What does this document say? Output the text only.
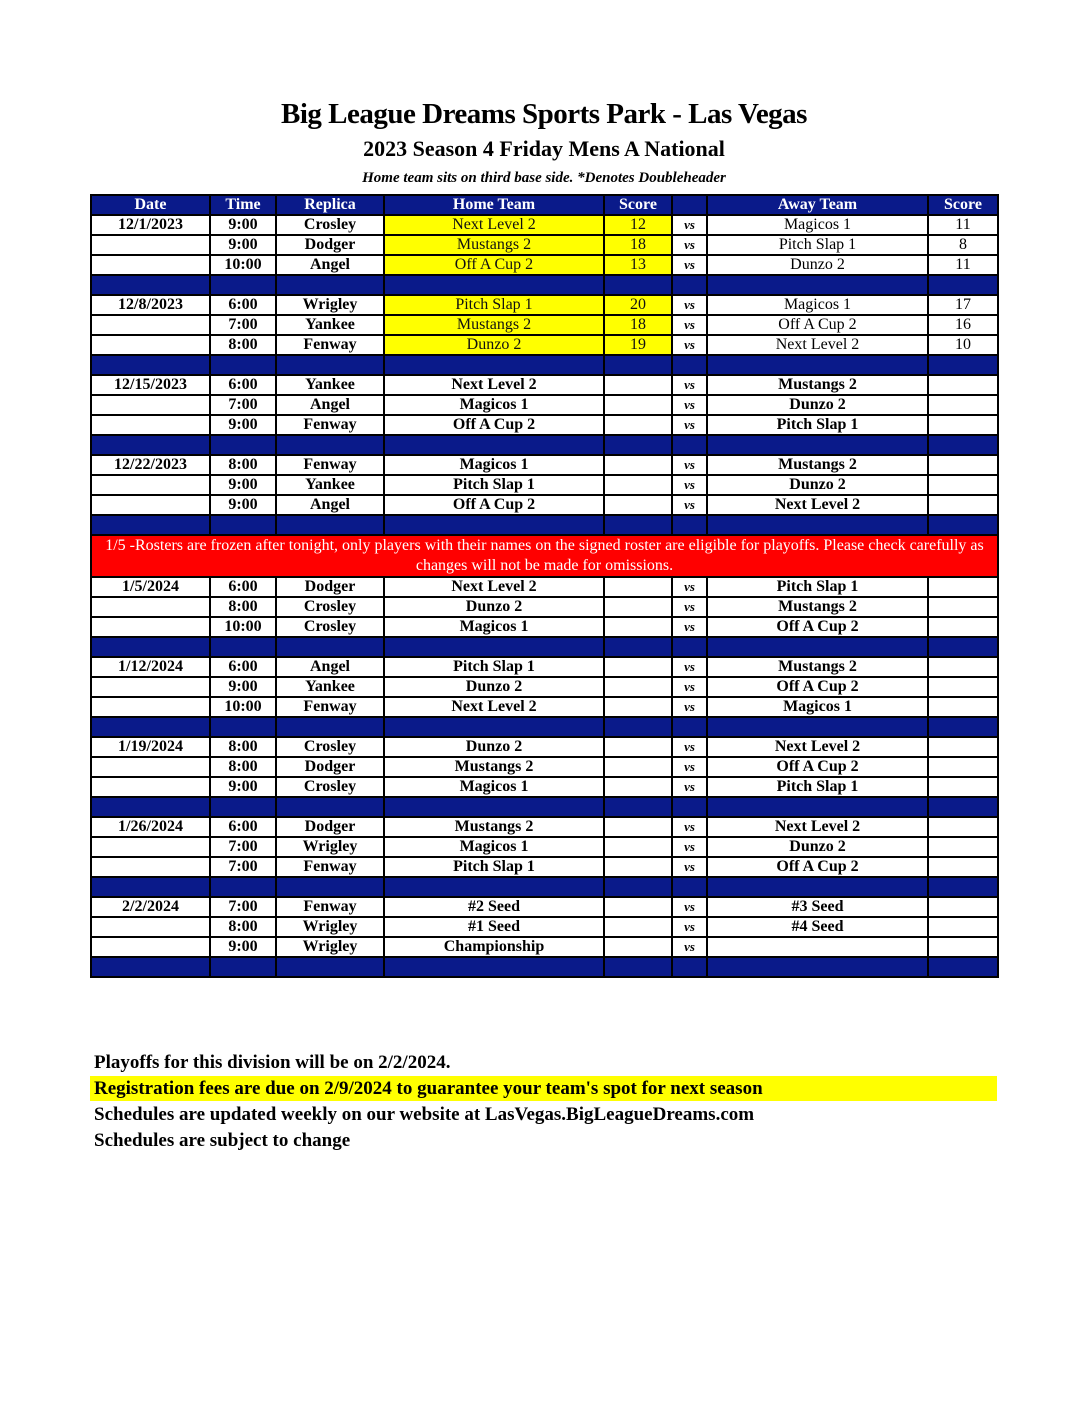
Big League Dreams Sports Park - Las Vegas
2023 Season 4 Friday Mens A National
Home team sits on third base side. *Denotes Doubleheader
Date	Time	Replica	Home Team	Score		Away Team	Score
12/1/2023	9:00	Crosley	Next Level 2	12	vs	Magicos 1	11
	9:00	Dodger	Mustangs 2	18	vs	Pitch Slap 1	8
	10:00	Angel	Off A Cup 2	13	vs	Dunzo 2	11

12/8/2023	6:00	Wrigley	Pitch Slap 1	20	vs	Magicos 1	17
	7:00	Yankee	Mustangs 2	18	vs	Off A Cup 2	16
	8:00	Fenway	Dunzo 2	19	vs	Next Level 2	10

12/15/2023	6:00	Yankee	Next Level 2		vs	Mustangs 2	
	7:00	Angel	Magicos 1		vs	Dunzo 2	
	9:00	Fenway	Off A Cup 2		vs	Pitch Slap 1	

12/22/2023	8:00	Fenway	Magicos 1		vs	Mustangs 2	
	9:00	Yankee	Pitch Slap 1		vs	Dunzo 2	
	9:00	Angel	Off A Cup 2		vs	Next Level 2	

1/5 -Rosters are frozen after tonight, only players with their names on the signed roster are eligible for playoffs. Please check carefully as changes will not be made for omissions.							
1/5/2024	6:00	Dodger	Next Level 2		vs	Pitch Slap 1	
	8:00	Crosley	Dunzo 2		vs	Mustangs 2	
	10:00	Crosley	Magicos 1		vs	Off A Cup 2	

1/12/2024	6:00	Angel	Pitch Slap 1		vs	Mustangs 2	
	9:00	Yankee	Dunzo 2		vs	Off A Cup 2	
	10:00	Fenway	Next Level 2		vs	Magicos 1	

1/19/2024	8:00	Crosley	Dunzo 2		vs	Next Level 2	
	8:00	Dodger	Mustangs 2		vs	Off A Cup 2	
	9:00	Crosley	Magicos 1		vs	Pitch Slap 1	

1/26/2024	6:00	Dodger	Mustangs 2		vs	Next Level 2	
	7:00	Wrigley	Magicos 1		vs	Dunzo 2	
	7:00	Fenway	Pitch Slap 1		vs	Off A Cup 2	

2/2/2024	7:00	Fenway	#2 Seed		vs	#3 Seed	
	8:00	Wrigley	#1 Seed		vs	#4 Seed	
	9:00	Wrigley	Championship		vs		

Playoffs for this division will be on 2/2/2024.
Registration fees are due on 2/9/2024 to guarantee your team's spot for next season
Schedules are updated weekly on our website at LasVegas.BigLeagueDreams.com
Schedules are subject to change
